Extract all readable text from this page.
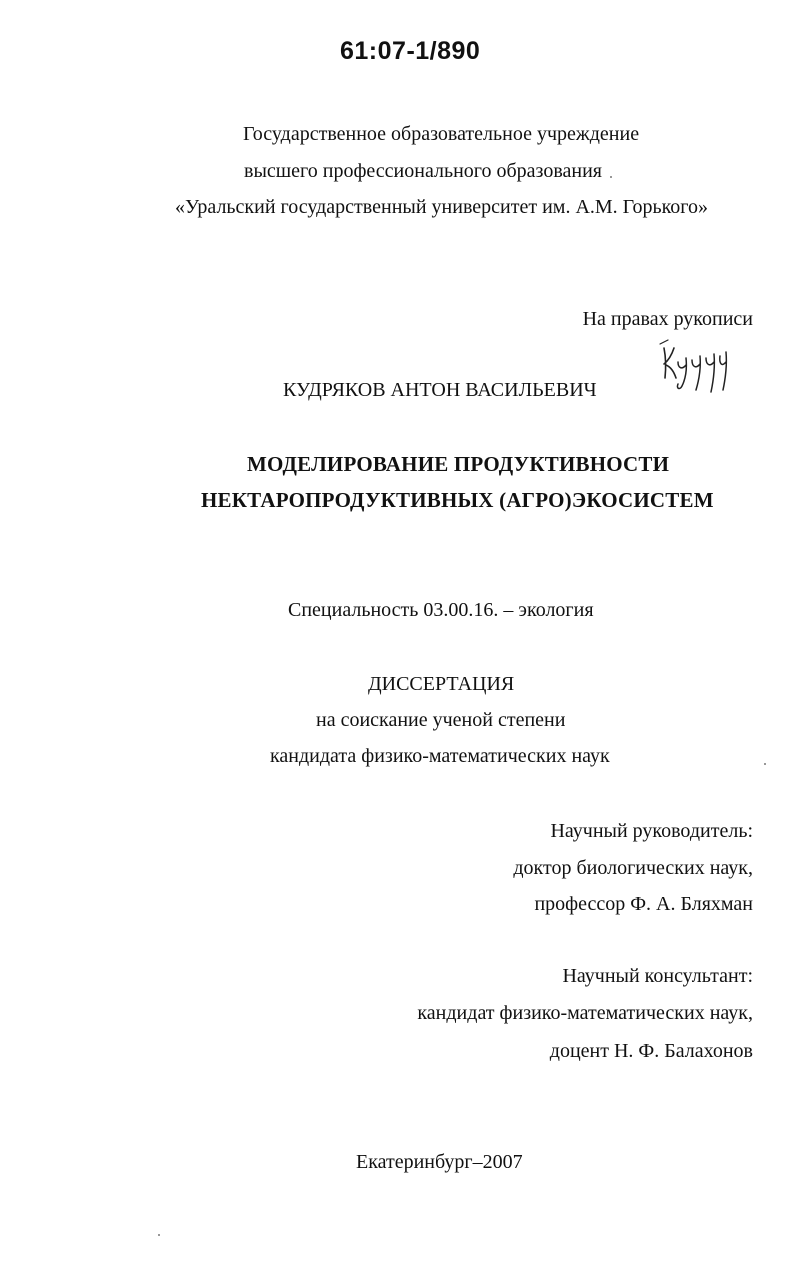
61:07-1/890
Государственное образовательное учреждение
высшего профессионального образования
«Уральский государственный университет им. А.М. Горького»
На правах рукописи
КУДРЯКОВ АНТОН ВАСИЛЬЕВИЧ
МОДЕЛИРОВАНИЕ ПРОДУКТИВНОСТИ
НЕКТАРОПРОДУКТИВНЫХ (АГРО)ЭКОСИСТЕМ
Специальность 03.00.16. – экология
ДИССЕРТАЦИЯ
на соискание ученой степени
кандидата физико-математических наук
Научный руководитель:
доктор биологических наук,
профессор Ф. А. Бляхман
Научный консультант:
кандидат физико-математических наук,
доцент Н. Ф. Балахонов
Екатеринбург–2007
